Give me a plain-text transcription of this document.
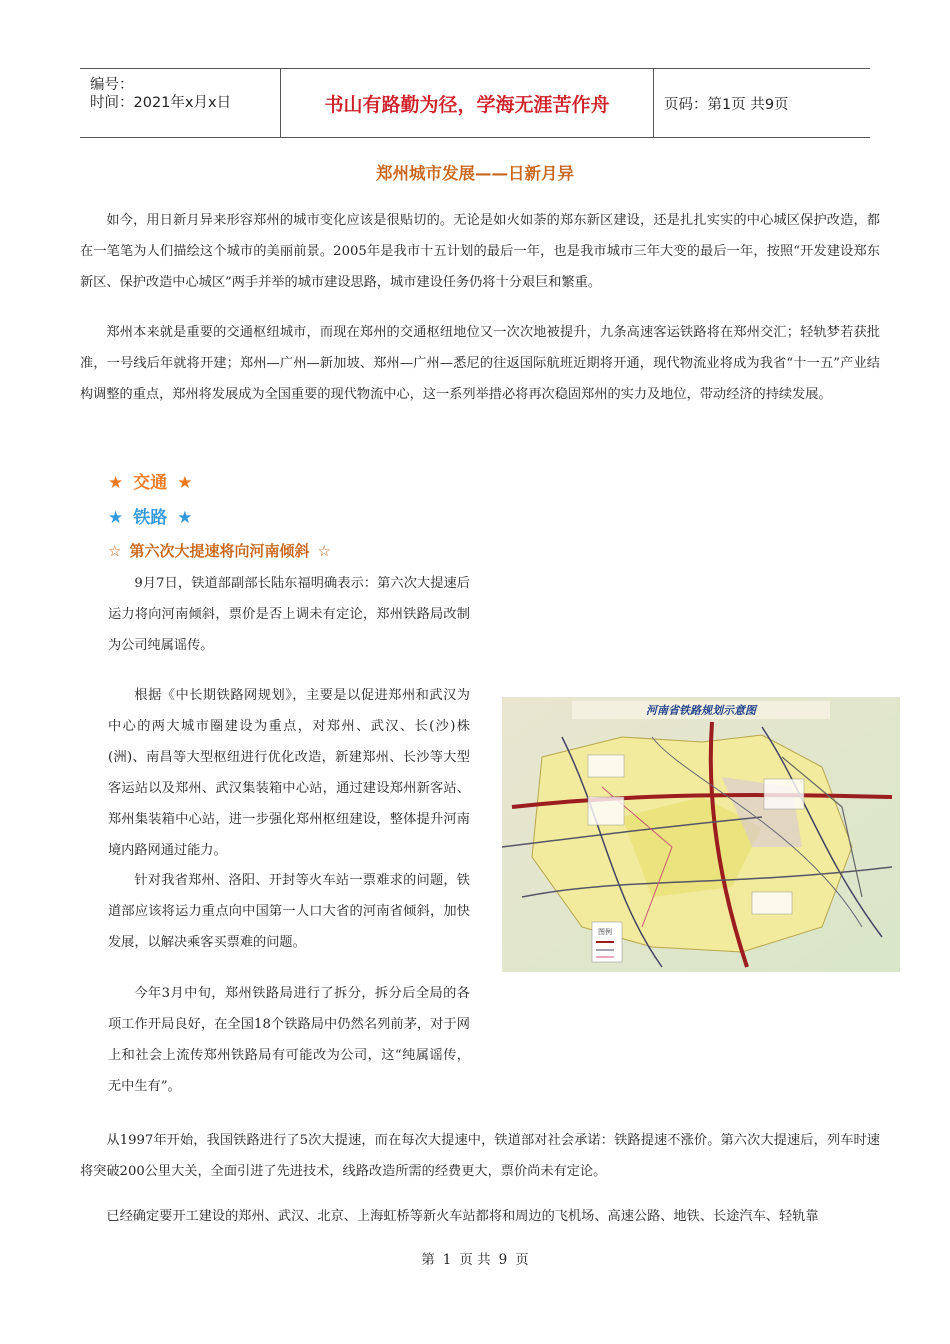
编号：
时间：2021年x月x日	书山有路勤为径，学海无涯苦作舟	页码：第1页 共9页
郑州城市发展——日新月异
如今，用日新月异来形容郑州的城市变化应该是很贴切的。无论是如火如荼的郑东新区建设，还是扎扎实实的中心城区保护改造，都在一笔笔为人们描绘这个城市的美丽前景。2005年是我市十五计划的最后一年，也是我市城市三年大变的最后一年，按照“开发建设郑东新区、保护改造中心城区”两手并举的城市建设思路，城市建设任务仍将十分艰巨和繁重。
郑州本来就是重要的交通枢纽城市，而现在郑州的交通枢纽地位又一次次地被提升，九条高速客运铁路将在郑州交汇；轻轨梦若获批准，一号线后年就将开建；郑州—广州—新加坡、郑州—广州—悉尼的往返国际航班近期将开通，现代物流业将成为我省“十一五”产业结构调整的重点，郑州将发展成为全国重要的现代物流中心，这一系列举措必将再次稳固郑州的实力及地位，带动经济的持续发展。
★ 交通 ★
★ 铁路 ★
☆ 第六次大提速将向河南倾斜 ☆
9月7日，铁道部副部长陆东福明确表示：第六次大提速后运力将向河南倾斜，票价是否上调未有定论，郑州铁路局改制为公司纯属谣传。
根据《中长期铁路网规划》，主要是以促进郑州和武汉为中心的两大城市圈建设为重点，对郑州、武汉、长(沙)株(洲)、南昌等大型枢纽进行优化改造，新建郑州、长沙等大型客运站以及郑州、武汉集装箱中心站，通过建设郑州新客站、郑州集装箱中心站，进一步强化郑州枢纽建设，整体提升河南境内路网通过能力。
针对我省郑州、洛阳、开封等火车站一票难求的问题，铁道部应该将运力重点向中国第一人口大省的河南省倾斜，加快发展，以解决乘客买票难的问题。
今年3月中旬，郑州铁路局进行了拆分，拆分后全局的各项工作开局良好，在全国18个铁路局中仍然名列前茅，对于网上和社会上流传郑州铁路局有可能改为公司，这“纯属谣传，无中生有”。
河南省铁路规划示意图
图例
从1997年开始，我国铁路进行了5次大提速，而在每次大提速中，铁道部对社会承诺：铁路提速不涨价。第六次大提速后，列车时速将突破200公里大关，全面引进了先进技术，线路改造所需的经费更大，票价尚未有定论。
已经确定要开工建设的郑州、武汉、北京、上海虹桥等新火车站都将和周边的飞机场、高速公路、地铁、长途汽车、轻轨靠
第 1 页 共 9 页
